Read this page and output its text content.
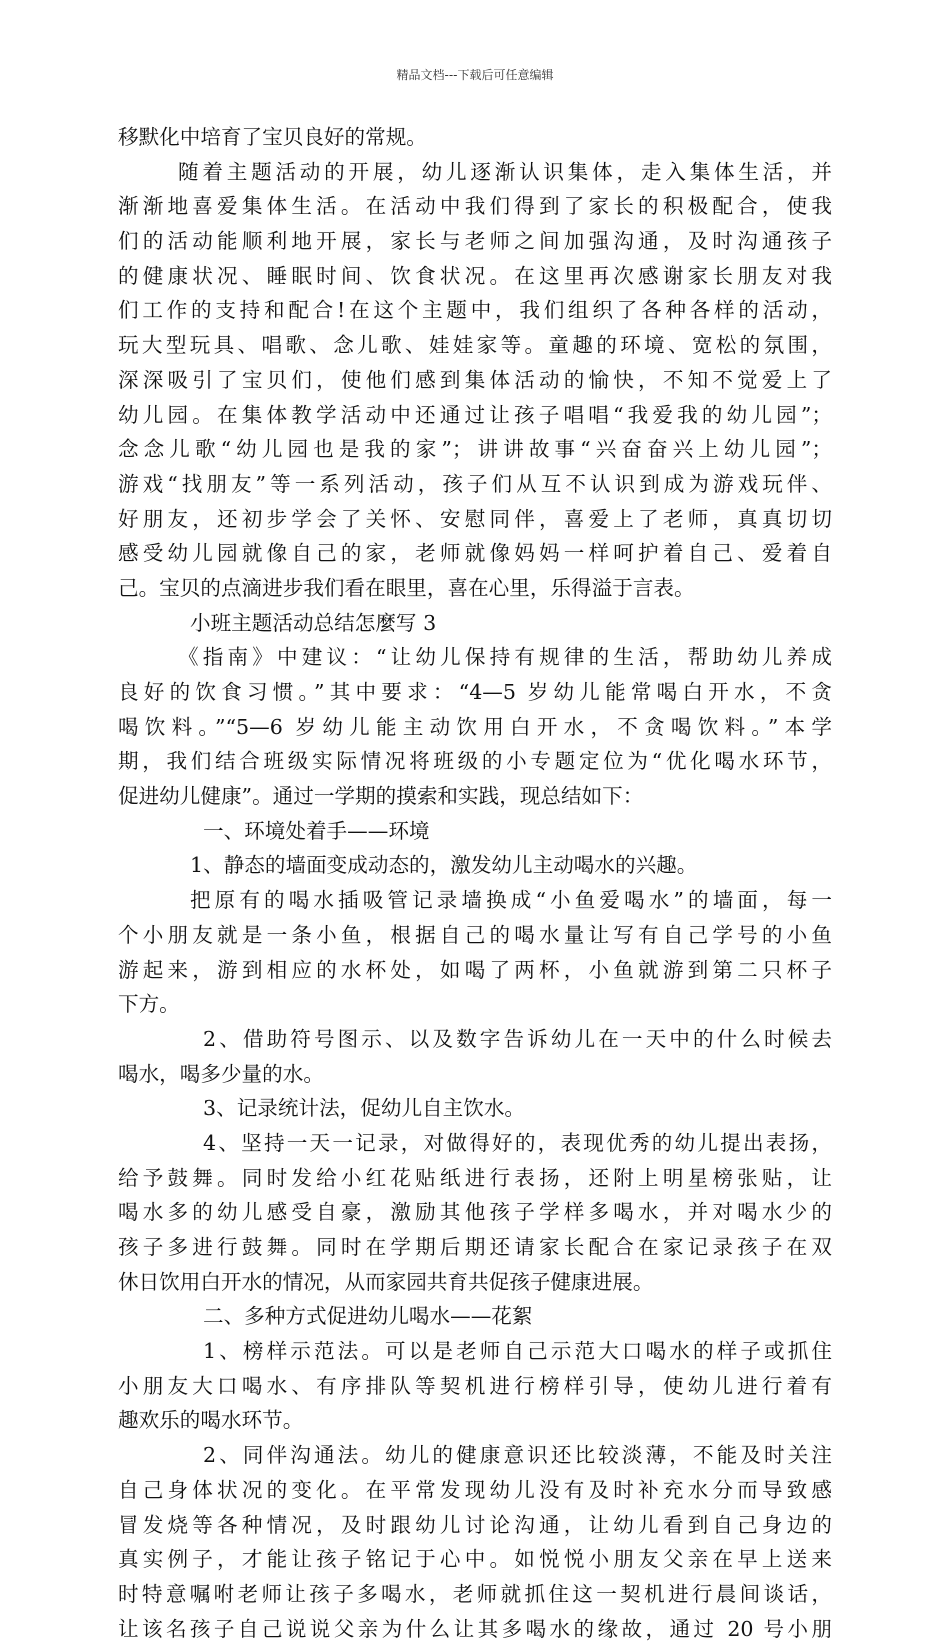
精品文档---下载后可任意编辑
移默化中培育了宝贝良好的常规。
随着主题活动的开展，幼儿逐渐认识集体，走入集体生活，并
渐渐地喜爱集体生活。在活动中我们得到了家长的积极配合，使我
们的活动能顺利地开展，家长与老师之间加强沟通，及时沟通孩子
的健康状况、睡眠时间、饮食状况。在这里再次感谢家长朋友对我
们工作的支持和配合!在这个主题中，我们组织了各种各样的活动，
玩大型玩具、唱歌、念儿歌、娃娃家等。童趣的环境、宽松的氛围，
深深吸引了宝贝们，使他们感到集体活动的愉快，不知不觉爱上了
幼儿园。在集体教学活动中还通过让孩子唱唱“我爱我的幼儿园”；
念念儿歌“幼儿园也是我的家”；讲讲故事“兴奋奋兴上幼儿园”；
游戏“找朋友”等一系列活动，孩子们从互不认识到成为游戏玩伴、
好朋友，还初步学会了关怀、安慰同伴，喜爱上了老师，真真切切
感受幼儿园就像自己的家，老师就像妈妈一样呵护着自己、爱着自
己。宝贝的点滴进步我们看在眼里，喜在心里，乐得溢于言表。
小班主题活动总结怎麼写 3
《指南》中建议：“让幼儿保持有规律的生活，帮助幼儿养成
良好的饮食习惯。”其中要求：“4—5 岁幼儿能常喝白开水，不贪
喝饮料。”“5—6 岁幼儿能主动饮用白开水，不贪喝饮料。”本学
期，我们结合班级实际情况将班级的小专题定位为“优化喝水环节，
促进幼儿健康”。通过一学期的摸索和实践，现总结如下：
一、环境处着手——环境
1、静态的墙面变成动态的，激发幼儿主动喝水的兴趣。
把原有的喝水插吸管记录墙换成“小鱼爱喝水”的墙面，每一
个小朋友就是一条小鱼，根据自己的喝水量让写有自己学号的小鱼
游起来，游到相应的水杯处，如喝了两杯，小鱼就游到第二只杯子
下方。
2、借助符号图示、以及数字告诉幼儿在一天中的什么时候去
喝水，喝多少量的水。
3、记录统计法，促幼儿自主饮水。
4、坚持一天一记录，对做得好的，表现优秀的幼儿提出表扬，
给予鼓舞。同时发给小红花贴纸进行表扬，还附上明星榜张贴，让
喝水多的幼儿感受自豪，激励其他孩子学样多喝水，并对喝水少的
孩子多进行鼓舞。同时在学期后期还请家长配合在家记录孩子在双
休日饮用白开水的情况，从而家园共育共促孩子健康进展。
二、多种方式促进幼儿喝水——花絮
1、榜样示范法。可以是老师自己示范大口喝水的样子或抓住
小朋友大口喝水、有序排队等契机进行榜样引导，使幼儿进行着有
趣欢乐的喝水环节。
2、同伴沟通法。幼儿的健康意识还比较淡薄，不能及时关注
自己身体状况的变化。在平常发现幼儿没有及时补充水分而导致感
冒发烧等各种情况，及时跟幼儿讨论沟通，让幼儿看到自己身边的
真实例子，才能让孩子铭记于心中。如悦悦小朋友父亲在早上送来
时特意嘱咐老师让孩子多喝水，老师就抓住这一契机进行晨间谈话，
让该名孩子自己说说父亲为什么让其多喝水的缘故，通过 20 号小朋
